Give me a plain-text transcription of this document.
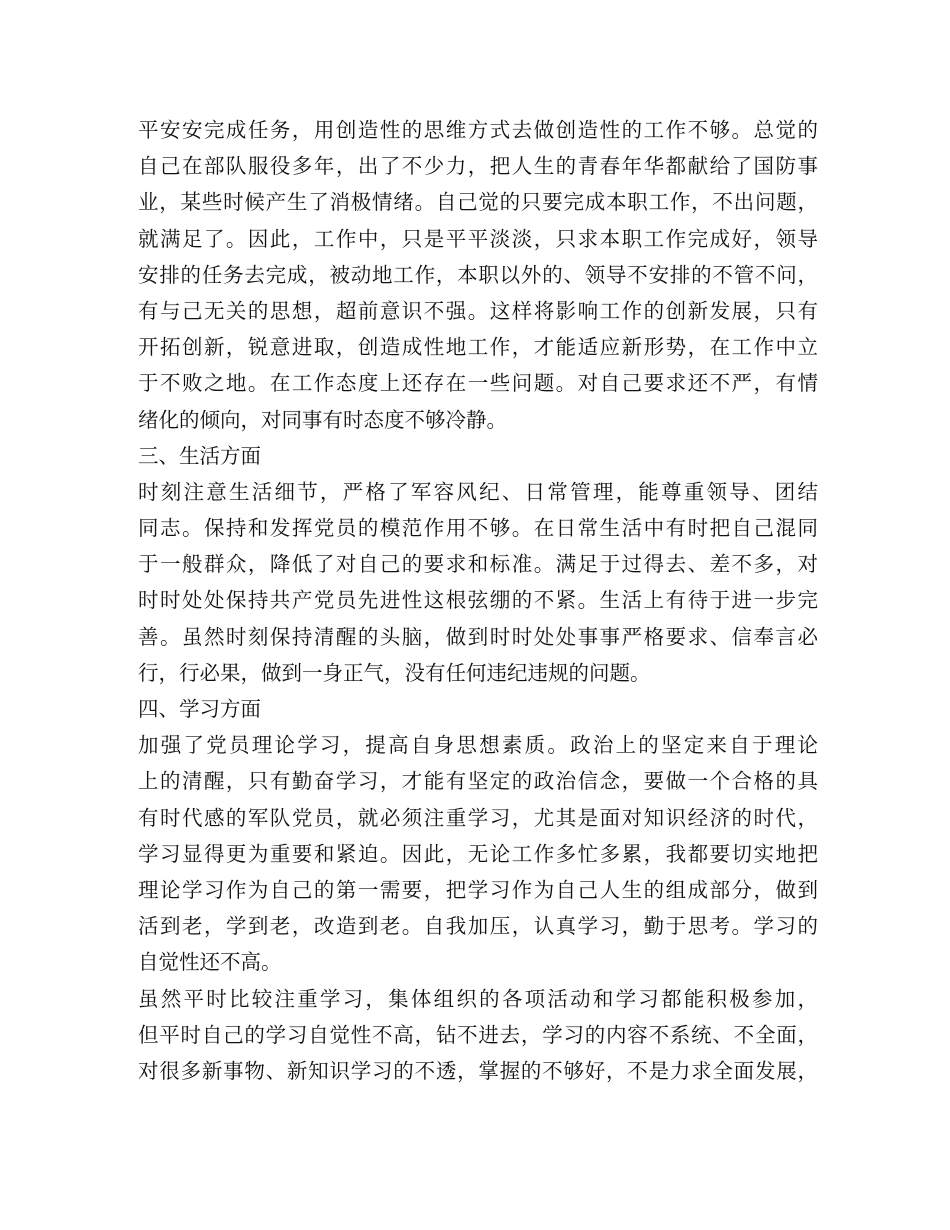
平安安完成任务，用创造性的思维方式去做创造性的工作不够。总觉的
自己在部队服役多年，出了不少力，把人生的青春年华都献给了国防事
业，某些时候产生了消极情绪。自己觉的只要完成本职工作，不出问题，
就满足了。因此，工作中，只是平平淡淡，只求本职工作完成好，领导
安排的任务去完成，被动地工作，本职以外的、领导不安排的不管不问，
有与己无关的思想，超前意识不强。这样将影响工作的创新发展，只有
开拓创新，锐意进取，创造成性地工作，才能适应新形势，在工作中立
于不败之地。在工作态度上还存在一些问题。对自己要求还不严，有情
绪化的倾向，对同事有时态度不够冷静。
三、生活方面
时刻注意生活细节，严格了军容风纪、日常管理，能尊重领导、团结
同志。保持和发挥党员的模范作用不够。在日常生活中有时把自己混同
于一般群众，降低了对自己的要求和标准。满足于过得去、差不多，对
时时处处保持共产党员先进性这根弦绷的不紧。生活上有待于进一步完
善。虽然时刻保持清醒的头脑，做到时时处处事事严格要求、信奉言必
行，行必果，做到一身正气，没有任何违纪违规的问题。
四、学习方面
加强了党员理论学习，提高自身思想素质。政治上的坚定来自于理论
上的清醒，只有勤奋学习，才能有坚定的政治信念，要做一个合格的具
有时代感的军队党员，就必须注重学习，尤其是面对知识经济的时代，
学习显得更为重要和紧迫。因此，无论工作多忙多累，我都要切实地把
理论学习作为自己的第一需要，把学习作为自己人生的组成部分，做到
活到老，学到老，改造到老。自我加压，认真学习，勤于思考。学习的
自觉性还不高。
虽然平时比较注重学习，集体组织的各项活动和学习都能积极参加，
但平时自己的学习自觉性不高，钻不进去，学习的内容不系统、不全面，
对很多新事物、新知识学习的不透，掌握的不够好，不是力求全面发展，
